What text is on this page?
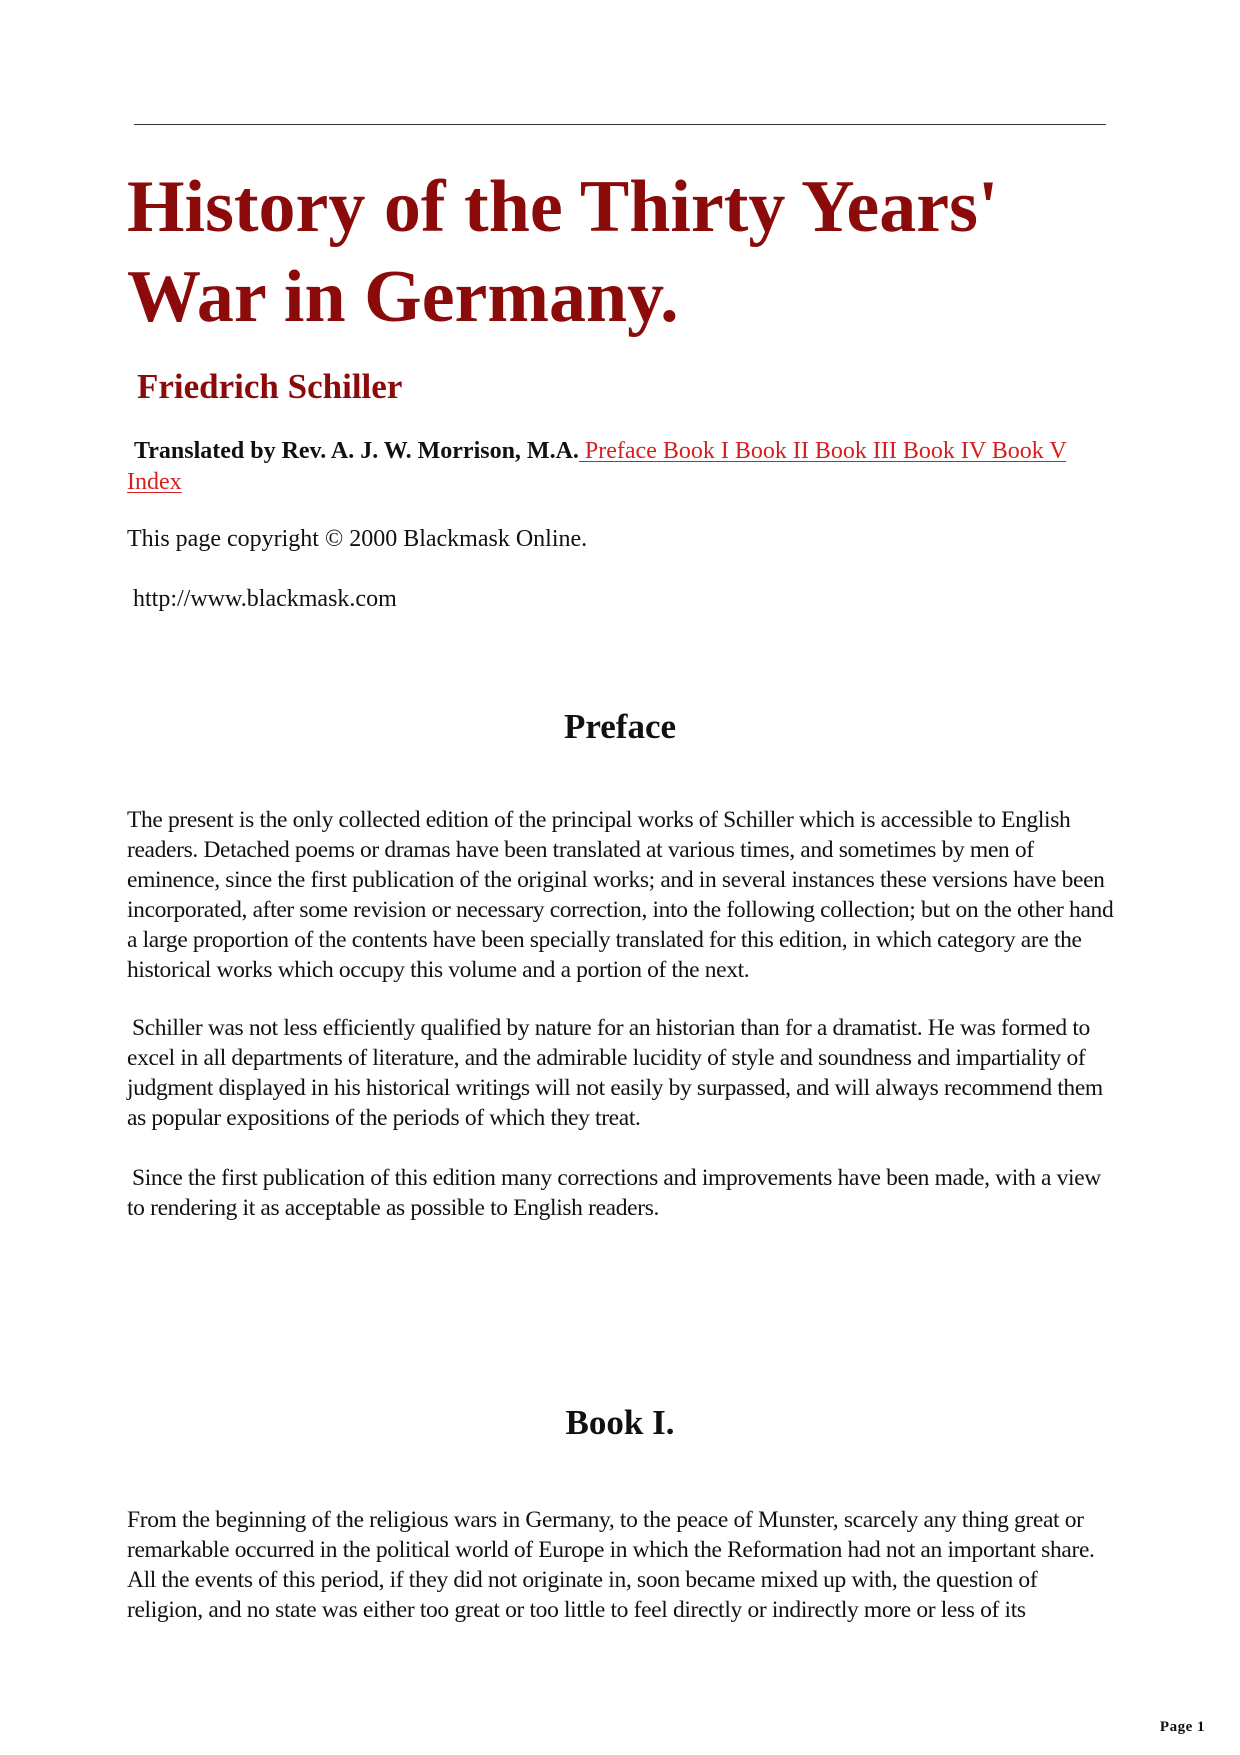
History of the Thirty Years' War in Germany.
Friedrich Schiller

Translated by Rev. A. J. W. Morrison, M.A. Preface Book I Book II Book III Book IV Book V Index

This page copyright © 2000 Blackmask Online.

http://www.blackmask.com

Preface

The present is the only collected edition of the principal works of Schiller which is accessible to English readers. Detached poems or dramas have been translated at various times, and sometimes by men of eminence, since the first publication of the original works; and in several instances these versions have been incorporated, after some revision or necessary correction, into the following collection; but on the other hand a large proportion of the contents have been specially translated for this edition, in which category are the historical works which occupy this volume and a portion of the next.

Schiller was not less efficiently qualified by nature for an historian than for a dramatist. He was formed to excel in all departments of literature, and the admirable lucidity of style and soundness and impartiality of judgment displayed in his historical writings will not easily by surpassed, and will always recommend them as popular expositions of the periods of which they treat.

Since the first publication of this edition many corrections and improvements have been made, with a view to rendering it as acceptable as possible to English readers.

Book I.

From the beginning of the religious wars in Germany, to the peace of Munster, scarcely any thing great or remarkable occurred in the political world of Europe in which the Reformation had not an important share. All the events of this period, if they did not originate in, soon became mixed up with, the question of religion, and no state was either too great or too little to feel directly or indirectly more or less of its

Page 1
